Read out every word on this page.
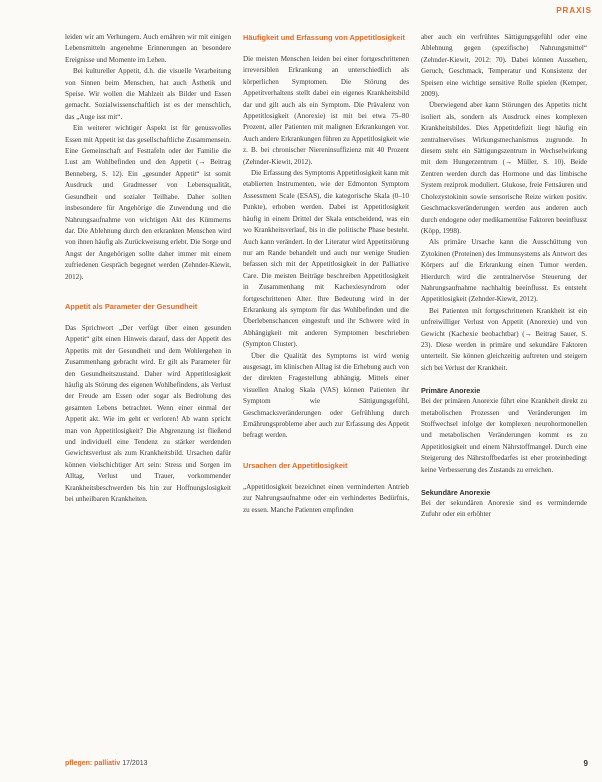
PRAXIS

leiden wir am Verhungern. Auch ernähren wir mit einigen Lebensmitteln angenehme Erinnerungen an besondere Ereignisse und Momente im Leben.

Bei kultureller Appetit, d.h. die visuelle Verarbeitung von Sinnen beim Menschen, hat auch Ästhetik und Speise. Wir wollen die Mahlzeit als Bilder und Essen gemacht. Sozialwissenschaftlich ist es der menschlich, das „Auge isst mit“.

Ein weiterer wichtiger Aspekt ist für genussvolles Essen mit Appetit ist das gesellschaftliche Zusammensein. Eine Gemeinschaft auf Festtafeln oder der Familie die Lust am Wohlbefinden und den Appetit (→ Beitrag Benneberg, S. 12). Ein „gesunder Appetit“ ist somit Ausdruck und Gradmesser von Lebensqualität, Gesundheit und sozialer Teilhabe. Daher sollten insbesondere für Angehörige die Zuwendung und die Nahrungsaufnahme von wichtigen Akt des Kümmerns dar. Die Ablehnung durch den erkrankten Menschen wird von ihnen häufig als Zurückweisung erlebt. Die Sorge und Angst der Angehörigen sollte daher immer mit einem zufriedenen Gespräch begegnet werden (Zehnder-Kiewit, 2012).

Appetit als Parameter der Gesundheit

Das Sprichwort „Der verfügt über einen gesunden Appetit“ gibt einen Hinweis darauf, dass der Appetit des Appetits mit der Gesundheit und dem Wohlergehen in Zusammenhang gebracht wird. Er gilt als Parameter für den Gesundheitszustand. Daher wird Appetitlosigkeit häufig als Störung des eigenen Wohlbefindens, als Verlust der Freude am Essen oder sogar als Bedrohung des gesamten Lebens betrachtet. Wenn einer einmal der Appetit akt. Wie im geht er verloren! Ab wann spricht man von Appetitlosigkeit? Die Abgrenzung ist fließend und individuell eine Tendenz zu stärker werdenden Gewichtsverlust als zum Krankheitsbild. Ursachen dafür können vielschichtiger Art sein: Stress und Sorgen im Alltag, Verlust und Trauer, vorkommender Krankheitsbeschwerden bis hin zur Hoffnungslosigkeit bei unheilbaren Krankheiten.

Häufigkeit und Erfassung von Appetitlosigkeit

Die meisten Menschen leiden bei einer fortgeschrittenen irreversiblen Erkrankung an unterschiedlich als körperlichen Symptomen. Die Störung des Appetitverhaltens stellt dabei ein eigenes Krankheitsbild dar und gilt auch als ein Symptom. Die Prävalenz von Appetitlosigkeit (Anorexie) ist mit bei etwa 75–80 Prozent, aller Patienten mit malignen Erkrankungen vor. Auch andere Erkrankungen führen zu Appetitlosigkeit wie z. B. bei chronischer Niereninsuffizienz mit 40 Prozent (Zehnder-Kiewit, 2012).

Die Erfassung des Symptoms Appetitlosigkeit kann mit etablierten Instrumenten, wie der Edmonton Symptom Assessment Scale (ESAS), die kategorische Skala (0–10 Punkte), erhoben werden. Dabei ist Appetitlosigkeit häufig in einem Drittel der Skala entscheidend, was ein wo Krankheitsverlauf, bis in die politische Phase besteht. Auch kann verändert. In der Literatur wird Appetitstörung nur am Rande behandelt und auch nur wenige Studien befassen sich mit der Appetitlosigkeit in der Palliative Care. Die meisten Beiträge beschreiben Appetitlosigkeit in Zusammenhang mit Kachexiesyndrom oder fortgeschrittenen Alter. Ihre Bedeutung wird in der Erkrankung als symptom für das Wohlbefinden und die Überlebenschancen eingestuft und ihr Schwere wird in Abhängigkeit mit anderen Symptomen beschrieben (Sympton Cluster).

Über die Qualität des Symptoms ist wird wenig ausgesagt, im klinischen Alltag ist die Erhebung auch von der direkten Fragestellung abhängig. Mittels einer visuellen Analog Skala (VAS) können Patienten ihr Symptom wie Sättigungsgefühl, Geschmacksveränderungen oder Gefrühlung durch Ernährungsprobleme aber auch zur Erfassung des Appetit befragt werden.

Ursachen der Appetitlosigkeit

„Appetitlosigkeit bezeichnet einen verminderten Antrieb zur Nahrungsaufnahme oder ein verhindertes Bedürfnis, zu essen. Manche Patienten empfinden

aber auch ein verfrühtes Sättigungsgefühl oder eine Ablehnung gegen (spezifische) Nahrungsmittel“ (Zehnder-Kiewit, 2012: 70). Dabei können Aussehen, Geruch, Geschmack, Temperatur und Konsistenz der Speisen eine wichtige sensitive Rolle spielen (Kemper, 2009).

Überwiegend aber kann Störungen des Appetits nicht isoliert als, sondern als Ausdruck eines komplexen Krankheitsbildes. Dies Appetitdefizit liegt häufig ein zentralnervöses Wirkungsmechanismus zugrunde. In diesem steht ein Sättigungszentrum in Wechselwirkung mit dem Hungerzentrum (→ Müller, S. 10). Beide Zentren werden durch das Hormone und das limbische System reziprok moduliert. Glukose, freie Fettsäuren und Cholezystokinin sowie sensorische Reize wirken positiv. Geschmacksveränderungen werden aus anderen auch durch endogene oder medikamentöse Faktoren beeinflusst (Köpp, 1998).

Als primäre Ursache kann die Ausschüttung von Zytokinen (Proteinen) des Immunsystems als Antwort des Körpers auf die Erkrankung einen Tumor werden. Hierdurch wird die zentralnervöse Steuerung der Nahrungsaufnahme nachhaltig beeinflusst. Es entsteht Appetitlosigkeit (Zehnder-Kiewit, 2012).

Bei Patienten mit fortgeschrittenen Krankheit ist ein unfreiwilliger Verlust von Appetit (Anorexie) und von Gewicht (Kachexie beobachtbar) (→ Beitrag Sauer, S. 23). Diese werden in primäre und sekundäre Faktoren unterteilt. Sie können gleichzeitig auftreten und steigern sich bei Verlust der Krankheit.

Primäre Anorexie

Bei der primären Anorexie führt eine Krankheit direkt zu metabolischen Prozessen und Veränderungen im Stoffwechsel infolge der komplexen neurohormonellen und metabolischen Veränderungen kommt es zu Appetitlosigkeit und einem Nährstoffmangel. Durch eine Steigerung des Nährstoffbedarfes ist eher proteinbedingt keine Verbesserung des Zustands zu erreichen.

Sekundäre Anorexie

Bei der sekundären Anorexie sind es vermindernde Zufuhr oder ein erhöhter

pflegen: palliativ 17/2013	9
